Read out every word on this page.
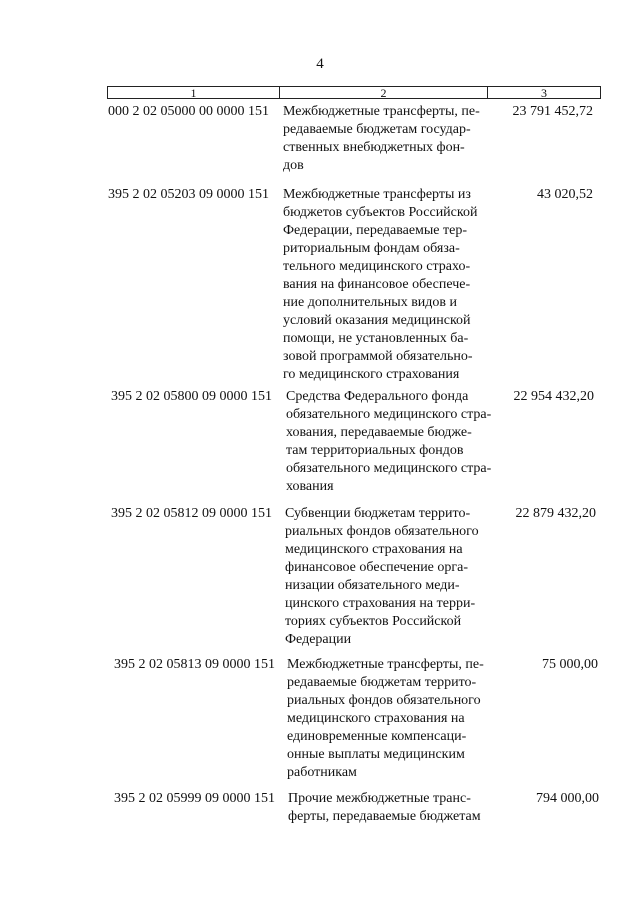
4
1	2	3
000 2 02 05000 00 0000 151 Межбюджетные трансферты, пе-
редаваемые бюджетам государ-
ственных внебюджетных фон-
дов
23 791 452,72
395 2 02 05203 09 0000 151 Межбюджетные трансферты из
бюджетов субъектов Российской
Федерации, передаваемые тер-
риториальным фондам обяза-
тельного медицинского страхо-
вания на финансовое обеспече-
ние дополнительных видов и
условий оказания медицинской
помощи, не установленных ба-
зовой программой обязательно-
го медицинского страхования
43 020,52
395 2 02 05800 09 0000 151 Средства Федерального фонда
обязательного медицинского стра-
хования, передаваемые бюдже-
там территориальных фондов
обязательного медицинского стра-
хования
22 954 432,20
395 2 02 05812 09 0000 151 Субвенции бюджетам террито-
риальных фондов обязательного
медицинского страхования на
финансовое обеспечение орга-
низации обязательного меди-
цинского страхования на терри-
ториях субъектов Российской
Федерации
22 879 432,20
395 2 02 05813 09 0000 151 Межбюджетные трансферты, пе-
редаваемые бюджетам террито-
риальных фондов обязательного
медицинского страхования на
единовременные компенсаци-
онные выплаты медицинским
работникам
75 000,00
395 2 02 05999 09 0000 151 Прочие межбюджетные транс-
ферты, передаваемые бюджетам
794 000,00
